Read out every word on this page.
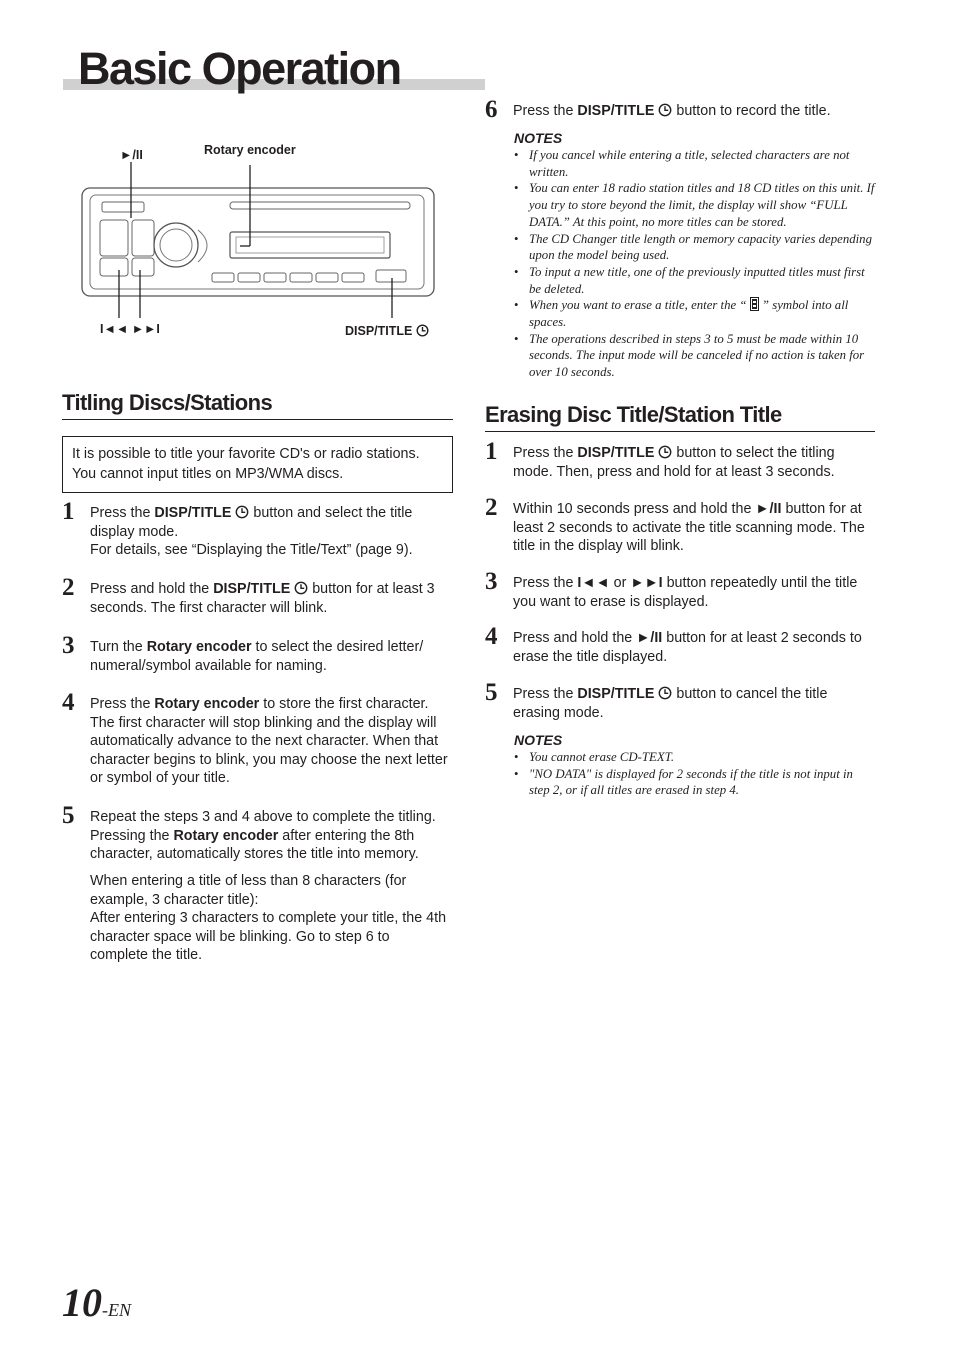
Basic Operation
►/II	Rotary encoder
I◄◄ ►►I	DISP/TITLE
Titling Discs/Stations
It is possible to title your favorite CD's or radio stations.
You cannot input titles on MP3/WMA discs.
1	Press the DISP/TITLE  button and select the title display mode.
For details, see “Displaying the Title/Text” (page 9).
2	Press and hold the DISP/TITLE  button for at least 3 seconds. The first character will blink.
3	Turn the Rotary encoder to select the desired letter/ numeral/symbol available for naming.
4	Press the Rotary encoder to store the first character. The first character will stop blinking and the display will automatically advance to the next character. When that character begins to blink, you may choose the next letter or symbol of your title.
5	Repeat the steps 3 and 4 above to complete the titling. Pressing the Rotary encoder after entering the 8th character, automatically stores the title into memory.
When entering a title of less than 8 characters (for example, 3 character title):
After entering 3 characters to complete your title, the 4th character space will be blinking. Go to step 6 to complete the title.
6	Press the DISP/TITLE  button to record the title.
NOTES
• If you cancel while entering a title, selected characters are not written.
• You can enter 18 radio station titles and 18 CD titles on this unit. If you try to store beyond the limit, the display will show “FULL DATA.” At this point, no more titles can be stored.
• The CD Changer title length or memory capacity varies depending upon the model being used.
• To input a new title, one of the previously inputted titles must first be deleted.
• When you want to erase a title, enter the “  ” symbol into all spaces.
• The operations described in steps 3 to 5 must be made within 10 seconds. The input mode will be canceled if no action is taken for over 10 seconds.
Erasing Disc Title/Station Title
1	Press the DISP/TITLE  button to select the titling mode. Then, press and hold for at least 3 seconds.
2	Within 10 seconds press and hold the ►/II button for at least 2 seconds to activate the title scanning mode. The title in the display will blink.
3	Press the I◄◄ or ►►I button repeatedly until the title you want to erase is displayed.
4	Press and hold the ►/II button for at least 2 seconds to erase the title displayed.
5	Press the DISP/TITLE  button to cancel the title erasing mode.
NOTES
• You cannot erase CD-TEXT.
• "NO DATA" is displayed for 2 seconds if the title is not input in step 2, or if all titles are erased in step 4.
10-EN
